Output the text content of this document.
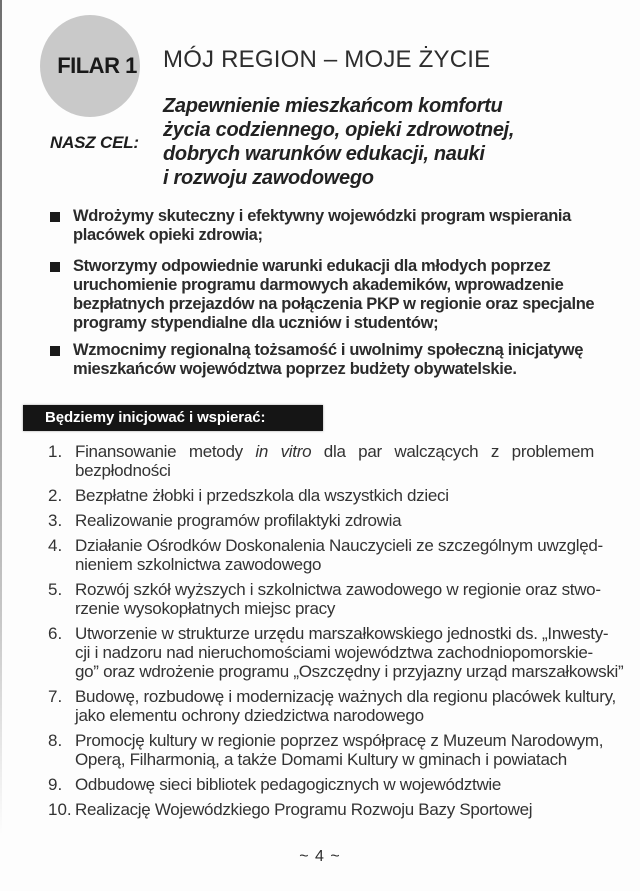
FILAR 1 MÓJ REGION – MOJE ŻYCIE
NASZ CEL:
Zapewnienie mieszkańcom komfortu
życia codziennego, opieki zdrowotnej,
dobrych warunków edukacji, nauki
i rozwoju zawodowego
Wdrożymy skuteczny i efektywny wojewódzki program wspierania
placówek opieki zdrowia;
Stworzymy odpowiednie warunki edukacji dla młodych poprzez
uruchomienie programu darmowych akademików, wprowadzenie
bezpłatnych przejazdów na połączenia PKP w regionie oraz specjalne
programy stypendialne dla uczniów i studentów;
Wzmocnimy regionalną tożsamość i uwolnimy społeczną inicjatywę
mieszkańców województwa poprzez budżety obywatelskie.
Będziemy inicjować i wspierać:
1. Finansowanie metody in vitro dla par walczących z problemem
bezpłodności
2. Bezpłatne żłobki i przedszkola dla wszystkich dzieci
3. Realizowanie programów profilaktyki zdrowia
4. Działanie Ośrodków Doskonalenia Nauczycieli ze szczególnym uwzględ-
nieniem szkolnictwa zawodowego
5. Rozwój szkół wyższych i szkolnictwa zawodowego w regionie oraz stwo-
rzenie wysokopłatnych miejsc pracy
6. Utworzenie w strukturze urzędu marszałkowskiego jednostki ds. „Inwesty-
cji i nadzoru nad nieruchomościami województwa zachodniopomorskie-
go” oraz wdrożenie programu „Oszczędny i przyjazny urząd marszałkowski”
7. Budowę, rozbudowę i modernizację ważnych dla regionu placówek kultury,
jako elementu ochrony dziedzictwa narodowego
8. Promocję kultury w regionie poprzez współpracę z Muzeum Narodowym,
Operą, Filharmonią, a także Domami Kultury w gminach i powiatach
9. Odbudowę sieci bibliotek pedagogicznych w województwie
10. Realizację Wojewódzkiego Programu Rozwoju Bazy Sportowej
~ 4 ~
